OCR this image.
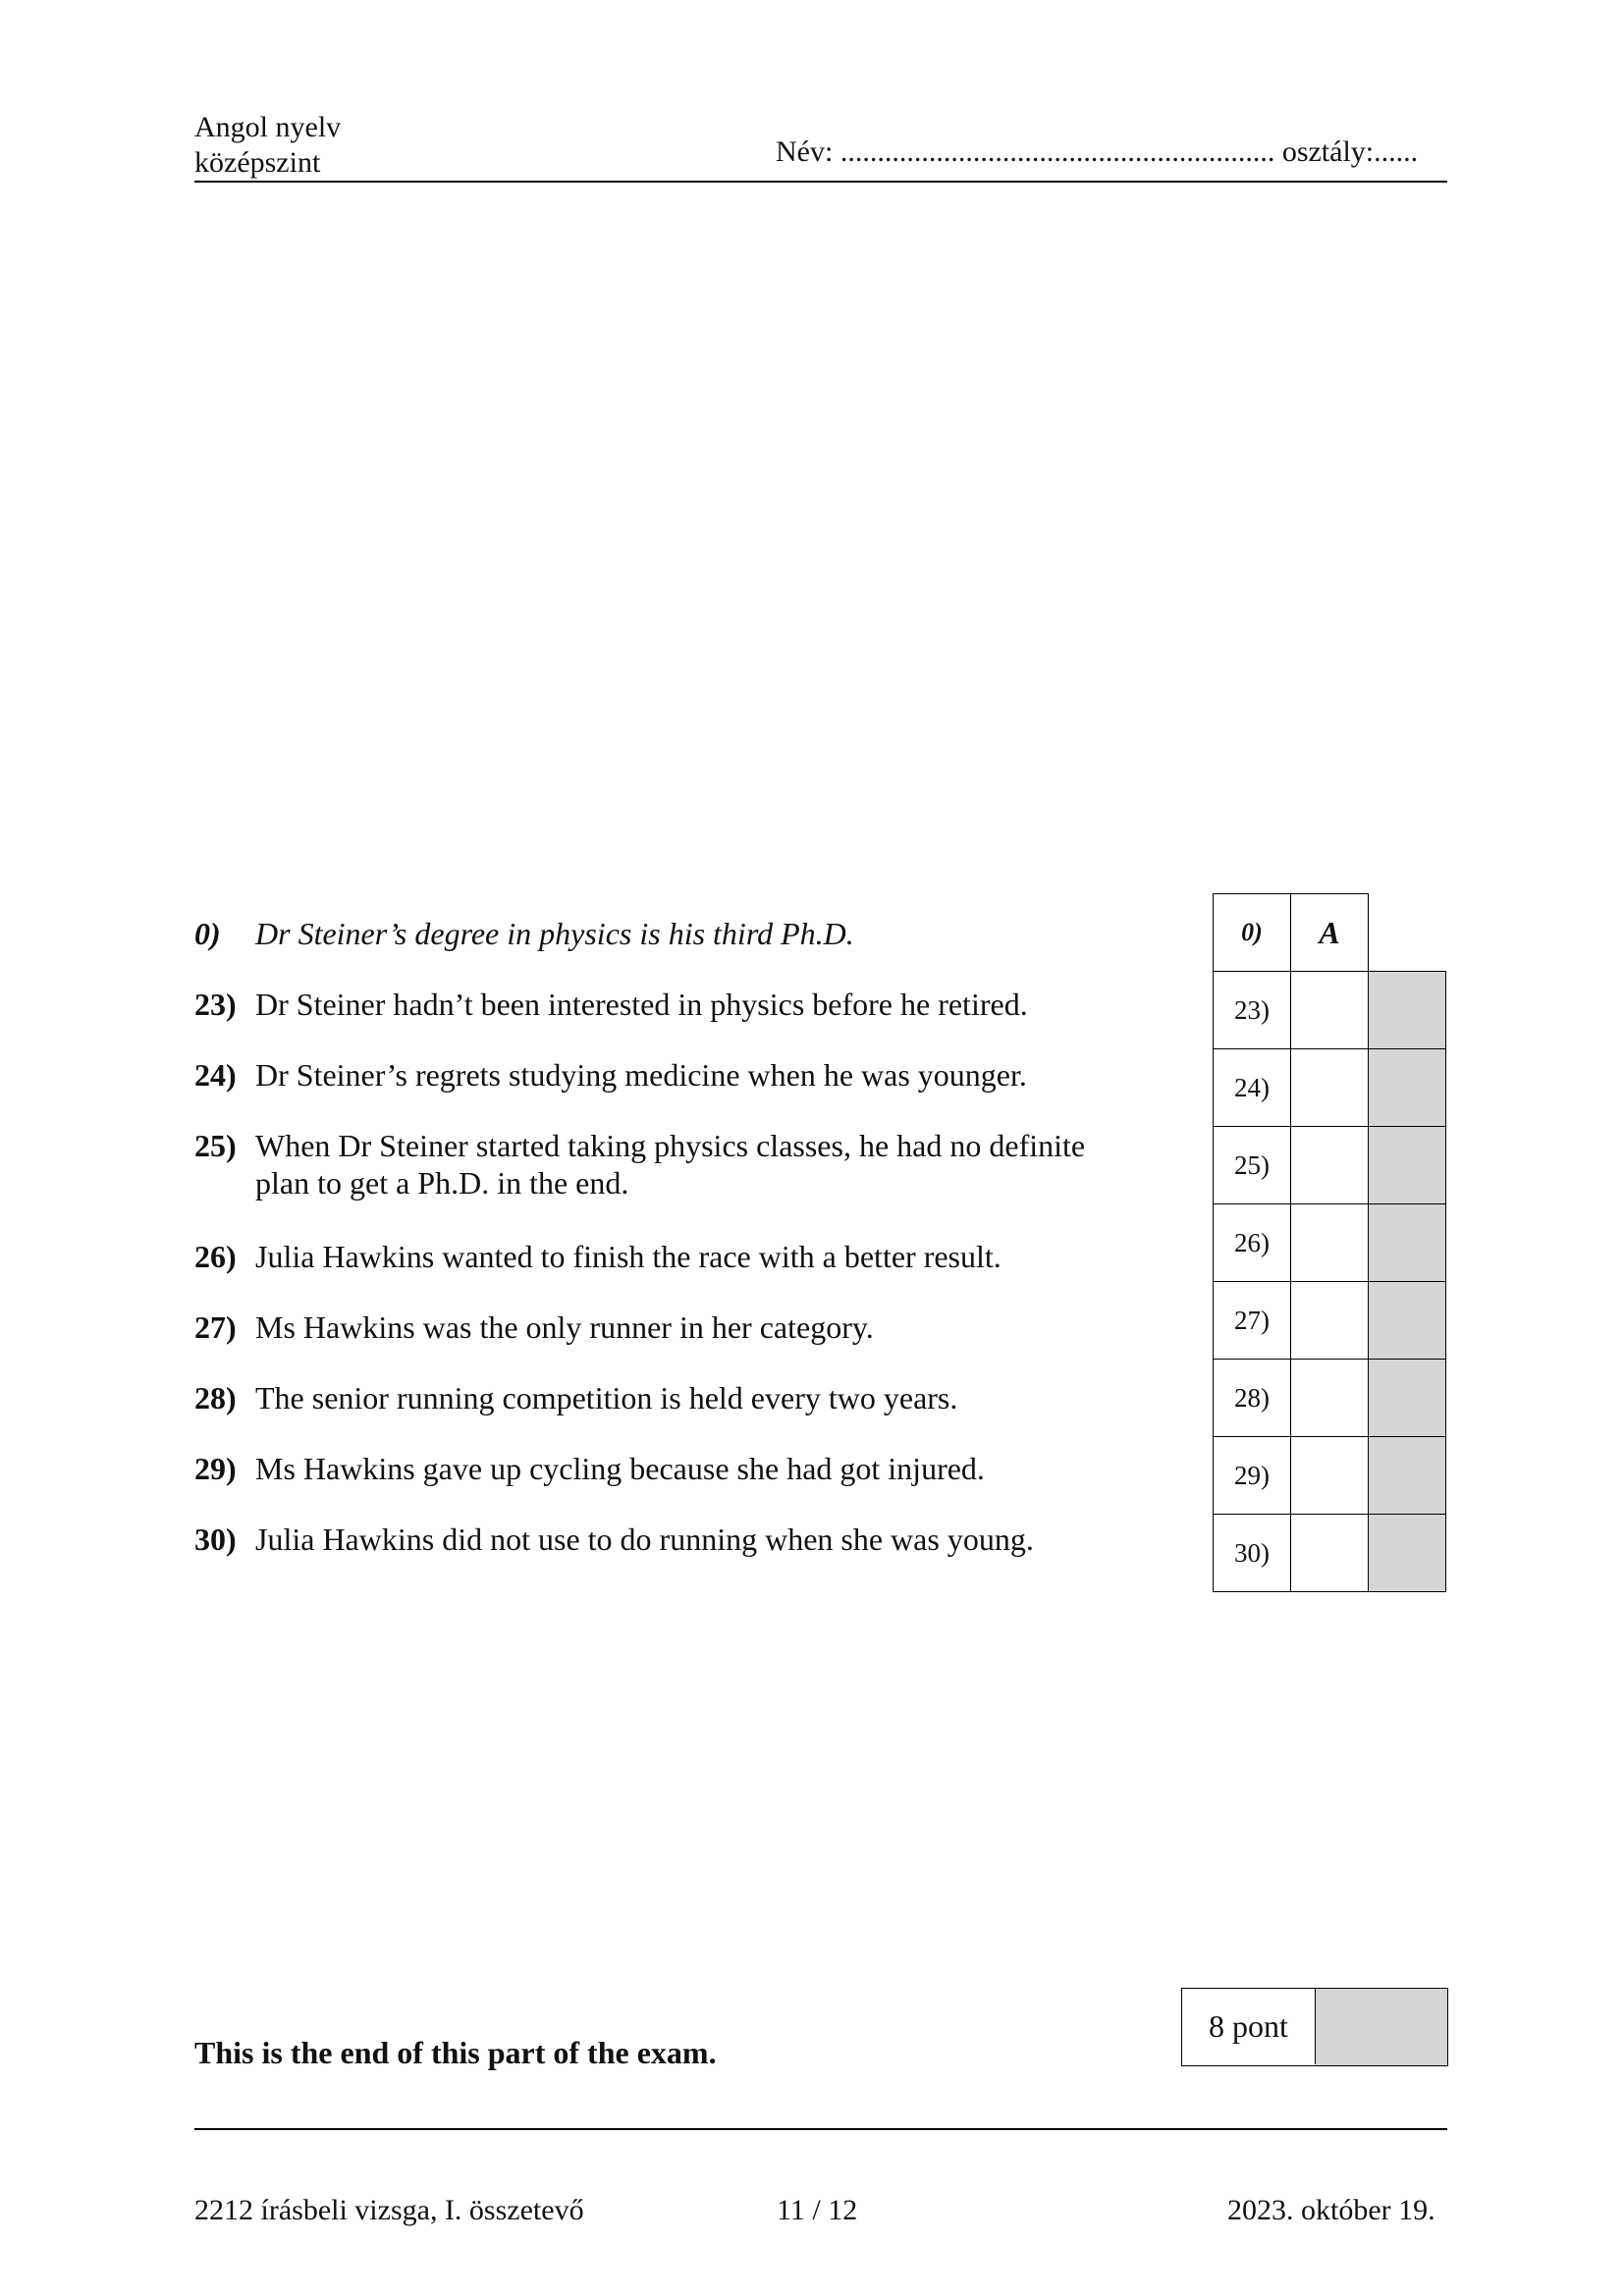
Angol nyelv
középszint	Név: ........................................................... osztály:......
0) Dr Steiner’s degree in physics is his third Ph.D.
23) Dr Steiner hadn’t been interested in physics before he retired.
24) Dr Steiner’s regrets studying medicine when he was younger.
25) When Dr Steiner started taking physics classes, he had no definite
plan to get a Ph.D. in the end.
26) Julia Hawkins wanted to finish the race with a better result.
27) Ms Hawkins was the only runner in her category.
28) The senior running competition is held every two years.
29) Ms Hawkins gave up cycling because she had got injured.
30) Julia Hawkins did not use to do running when she was young.
0)	A
23)
24)
25)
26)
27)
28)
29)
30)
This is the end of this part of the exam.
8 pont
2212 írásbeli vizsga, I. összetevő	11 / 12	2023. október 19.
